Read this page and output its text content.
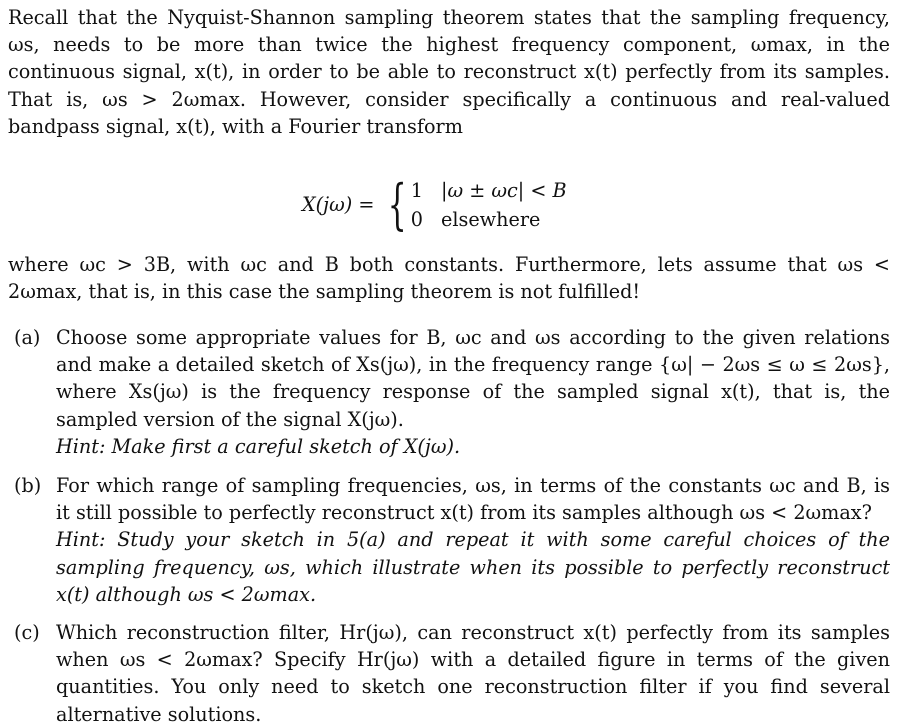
Recall that the Nyquist-Shannon sampling theorem states that the sampling frequency, ωs, needs to be more than twice the highest frequency component, ωmax, in the continuous signal, x(t), in order to be able to reconstruct x(t) perfectly from its samples. That is, ωs > 2ωmax. However, consider specifically a continuous and real-valued bandpass signal, x(t), with a Fourier transform

X(jω) = { 1 |ω ± ωc| < B
0 elsewhere

where ωc > 3B, with ωc and B both constants. Furthermore, lets assume that ωs < 2ωmax, that is, in this case the sampling theorem is not fulfilled!

(a) Choose some appropriate values for B, ωc and ωs according to the given relations and make a detailed sketch of Xs(jω), in the frequency range {ω| − 2ωs ≤ ω ≤ 2ωs}, where Xs(jω) is the frequency response of the sampled signal x(t), that is, the sampled version of the signal X(jω).

Hint: Make first a careful sketch of X(jω).

(b) For which range of sampling frequencies, ωs, in terms of the constants ωc and B, is it still possible to perfectly reconstruct x(t) from its samples although ωs < 2ωmax?

Hint: Study your sketch in 5(a) and repeat it with some careful choices of the sampling frequency, ωs, which illustrate when its possible to perfectly reconstruct x(t) although ωs < 2ωmax.

(c) Which reconstruction filter, Hr(jω), can reconstruct x(t) perfectly from its samples when ωs < 2ωmax? Specify Hr(jω) with a detailed figure in terms of the given quantities. You only need to sketch one reconstruction filter if you find several alternative solutions.
